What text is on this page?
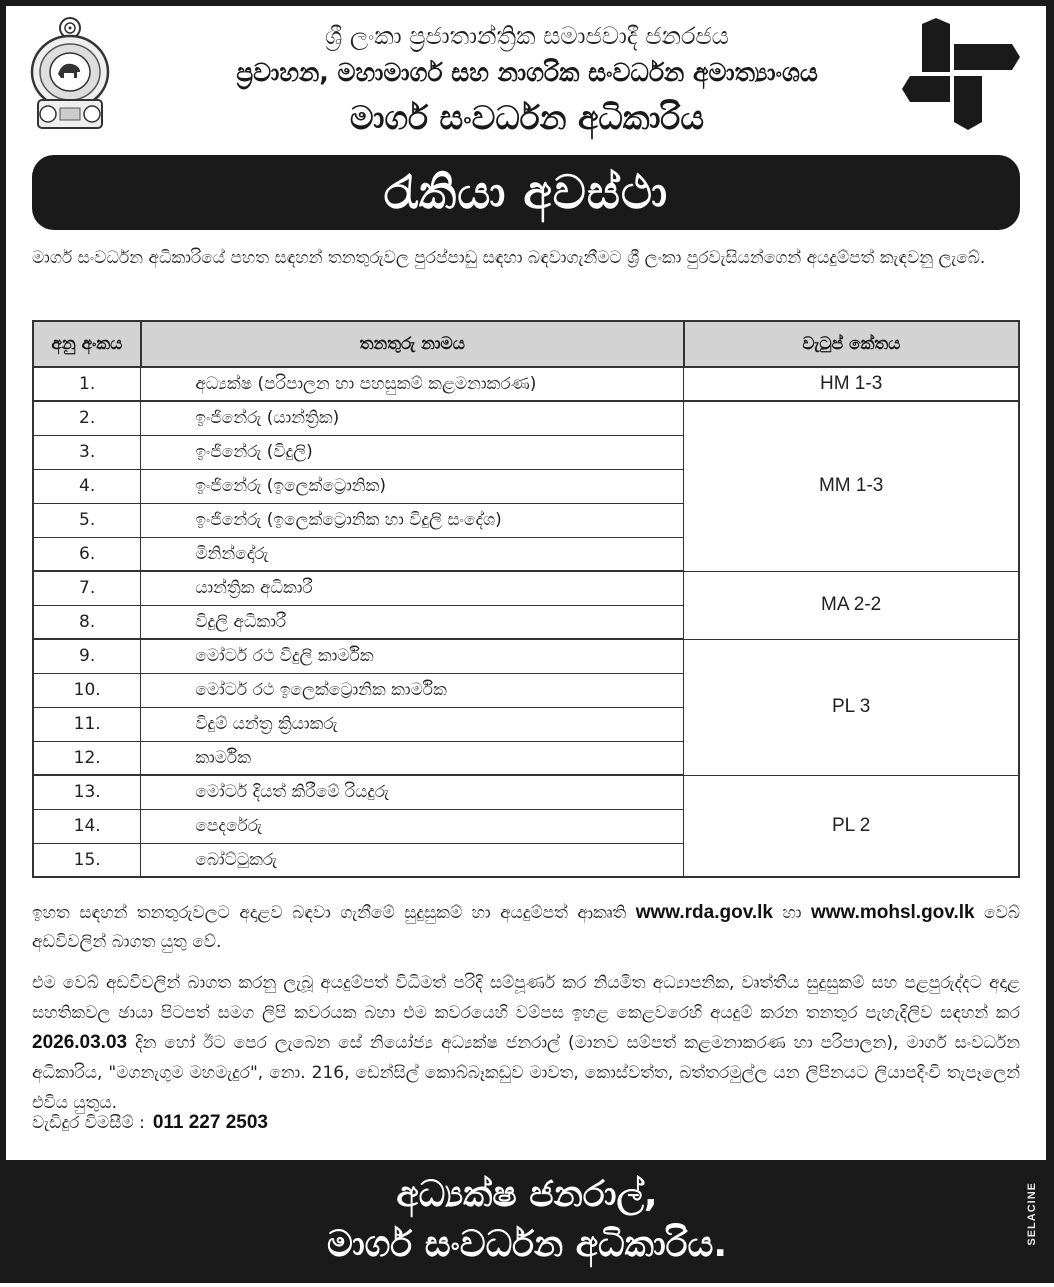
ශ්‍රී ලංකා ප්‍රජාතාන්ත්‍රික සමාජවාදී ජනරජය
ප්‍රවාහන, මහාමාර්ග සහ නාගරික සංවර්ධන අමාත්‍යාංශය
මාර්ග සංවර්ධන අධිකාරිය
රැකියා අවස්ථා

මාර්ග සංවර්ධන අධිකාරියේ පහත සඳහන් තනතුරුවල පුරප්පාඩු සඳහා බඳවාගැනීමට ශ්‍රී ලංකා පුරවැසියන්ගෙන් අයදුම්පත් කැඳවනු ලැබේ.

අනු අංකය	තනතුරු නාමය	වැටුප් කේතය
1.	අධ්‍යක්ෂ (පරිපාලන හා පහසුකම් කළමනාකරණ)	HM 1-3
2.	ඉංජිනේරු (යාන්ත්‍රික)	MM 1-3
3.	ඉංජිනේරු (විදුලි)	
4.	ඉංජිනේරු (ඉලෙක්ට්‍රොනික)	
5.	ඉංජිනේරු (ඉලෙක්ට්‍රොනික හා විදුලි සංදේශ)	
6.	මිනින්දෝරු	
7.	යාන්ත්‍රික අධිකාරී	MA 2-2
8.	විදුලි අධිකාරී	
9.	මෝටර් රථ විදුලි කාර්මික	PL 3
10.	මෝටර් රථ ඉලෙක්ට්‍රොනික කාර්මික	
11.	විදුම් යන්ත්‍ර ක්‍රියාකරු	
12.	කාර්මික	
13.	මෝටර් දියත් කිරීමේ රියදුරු	PL 2
14.	පෙදරේරු	
15.	බෝට්ටුකරු	

ඉහත සඳහන් තනතුරුවලට අදාළව බඳවා ගැනීමේ සුදුසුකම් හා අයදුම්පත් ආකෘති www.rda.gov.lk හා www.mohsl.gov.lk වෙබ් අඩවිවලින් බාගත යුතු වේ.

එම වෙබ් අඩවිවලින් බාගත කරනු ලැබූ අයදුම්පත් විධිමත් පරිදි සම්පූර්ණ කර නියමිත අධ්‍යාපනික, වෘත්තීය සුදුසුකම් සහ පළපුරුද්දට අදාළ සහතිකවල ඡායා පිටපත් සමග ලිපි කවරයක බහා එම කවරයෙහි වම්පස ඉහළ කෙළවරෙහි අයදුම් කරන තනතුර පැහැදිලිව සඳහන් කර 2026.03.03 දින හෝ ඊට පෙර ලැබෙන සේ නියෝජ්‍ය අධ්‍යක්ෂ ජනරාල් (මානව සම්පත් කළමනාකරණ හා පරිපාලන), මාර්ග සංවර්ධන අධිකාරිය, "මගනැගුම මහමැදුර", නො. 216, ඩෙන්සිල් කොබ්බෑකඩුව මාවත, කොස්වත්ත, බත්තරමුල්ල යන ලිපිනයට ලියාපදිංචි තැපෑලෙන් එවිය යුතුය.

වැඩිදුර විමසීම් : 011 227 2503
අධ්‍යක්ෂ ජනරාල්,
මාර්ග සංවර්ධන අධිකාරිය.	SELACINE
